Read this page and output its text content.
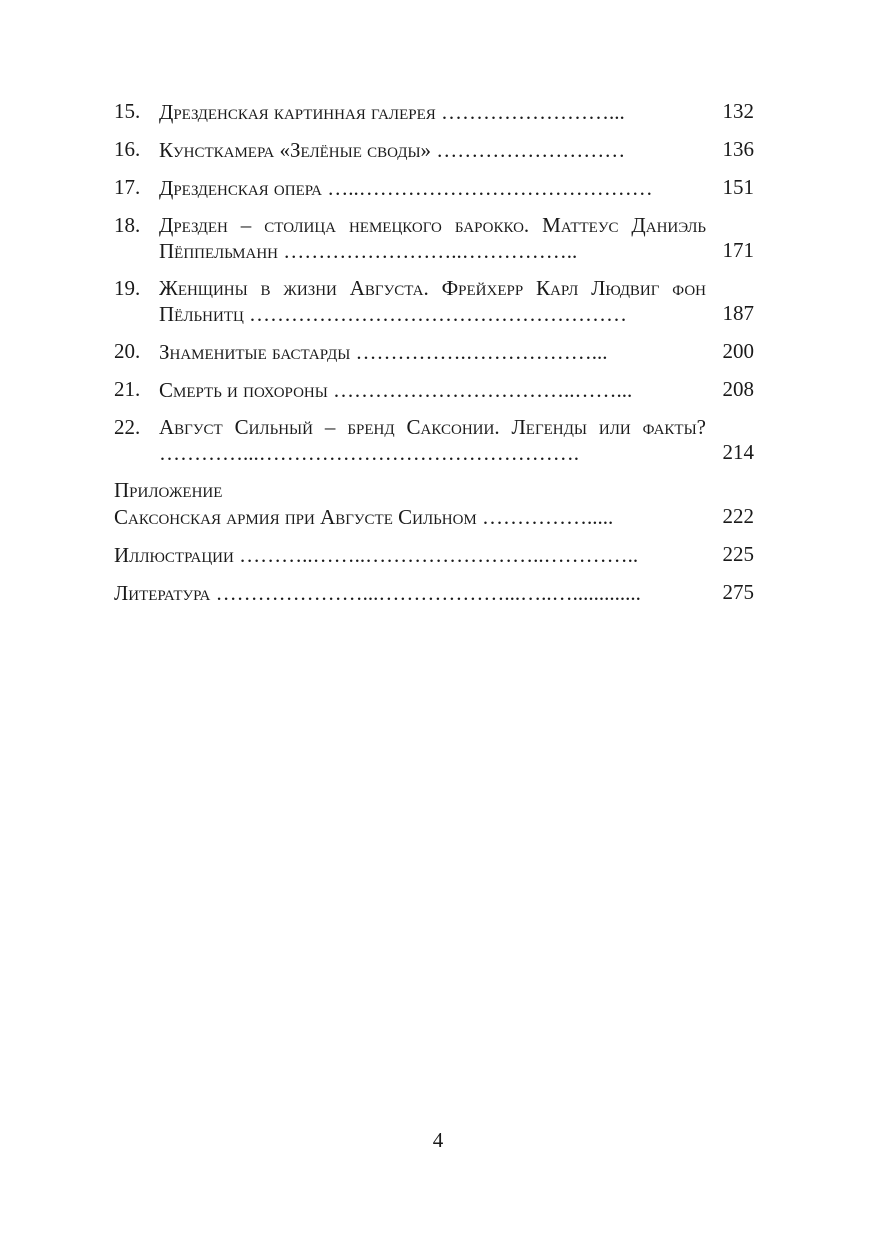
15. Дрезденская картинная галерея ……………………...	132
16. Кунсткамера «Зелёные своды» ………………………	136
17. Дрезденская опера …..……………………………………	151
18. Дрезден – столица немецкого барокко. Маттеус Даниэль Пёппельманн ……………………..……………..	171
19. Женщины в жизни Августа. Фрейхерр Карл Людвиг фон Пёльнитц ………………………………………………	187
20. Знаменитые бастарды …………….………………...	200
21. Смерть и похороны ……………………………..……...	208
22. Август Сильный – бренд Саксонии. Легенды или факты? …………...……………………………………….	214
Приложение
Саксонская армия при Августе Сильном …………….....	222
Иллюстрации ………..……..……………………..…………..	225
Литература …………………...………………...…..….............	275
4
